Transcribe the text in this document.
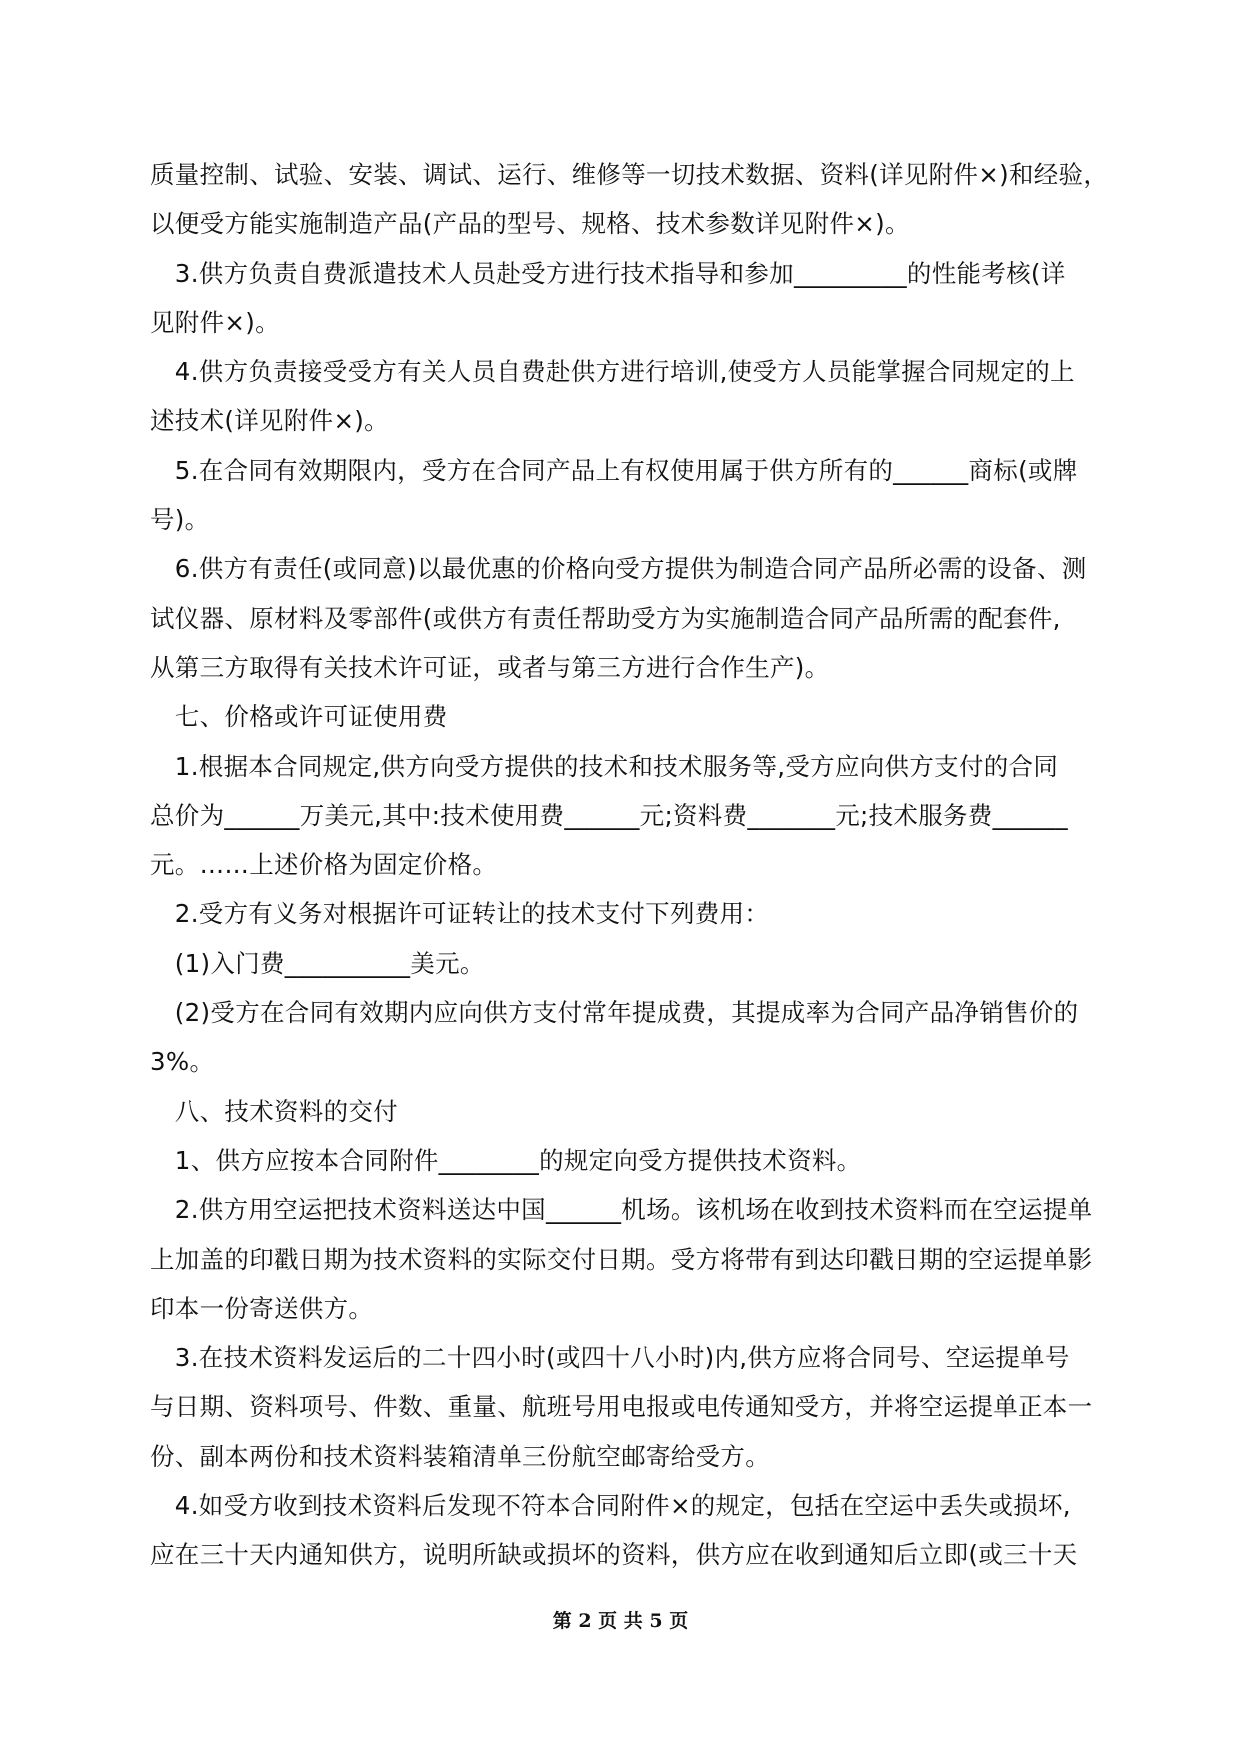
质量控制、试验、安装、调试、运行、维修等一切技术数据、资料(详见附件×)和经验，
以便受方能实施制造产品(产品的型号、规格、技术参数详见附件×)。
　3.供方负责自费派遣技术人员赴受方进行技术指导和参加_________的性能考核(详
见附件×)。
　4.供方负责接受受方有关人员自费赴供方进行培训,使受方人员能掌握合同规定的上
述技术(详见附件×)。
　5.在合同有效期限内，受方在合同产品上有权使用属于供方所有的______商标(或牌
号)。
　6.供方有责任(或同意)以最优惠的价格向受方提供为制造合同产品所必需的设备、测
试仪器、原材料及零部件(或供方有责任帮助受方为实施制造合同产品所需的配套件,
从第三方取得有关技术许可证，或者与第三方进行合作生产)。
　七、价格或许可证使用费
　1.根据本合同规定,供方向受方提供的技术和技术服务等,受方应向供方支付的合同
总价为______万美元,其中:技术使用费______元;资料费_______元;技术服务费______
元。……上述价格为固定价格。
　2.受方有义务对根据许可证转让的技术支付下列费用：
　(1)入门费__________美元。
　(2)受方在合同有效期内应向供方支付常年提成费，其提成率为合同产品净销售价的
3%。
　八、技术资料的交付
　1、供方应按本合同附件________的规定向受方提供技术资料。
　2.供方用空运把技术资料送达中国______机场。该机场在收到技术资料而在空运提单
上加盖的印戳日期为技术资料的实际交付日期。受方将带有到达印戳日期的空运提单影
印本一份寄送供方。
　3.在技术资料发运后的二十四小时(或四十八小时)内,供方应将合同号、空运提单号
与日期、资料项号、件数、重量、航班号用电报或电传通知受方，并将空运提单正本一
份、副本两份和技术资料装箱清单三份航空邮寄给受方。
　4.如受方收到技术资料后发现不符本合同附件×的规定，包括在空运中丢失或损坏,
应在三十天内通知供方，说明所缺或损坏的资料，供方应在收到通知后立即(或三十天
第 2 页 共 5 页
